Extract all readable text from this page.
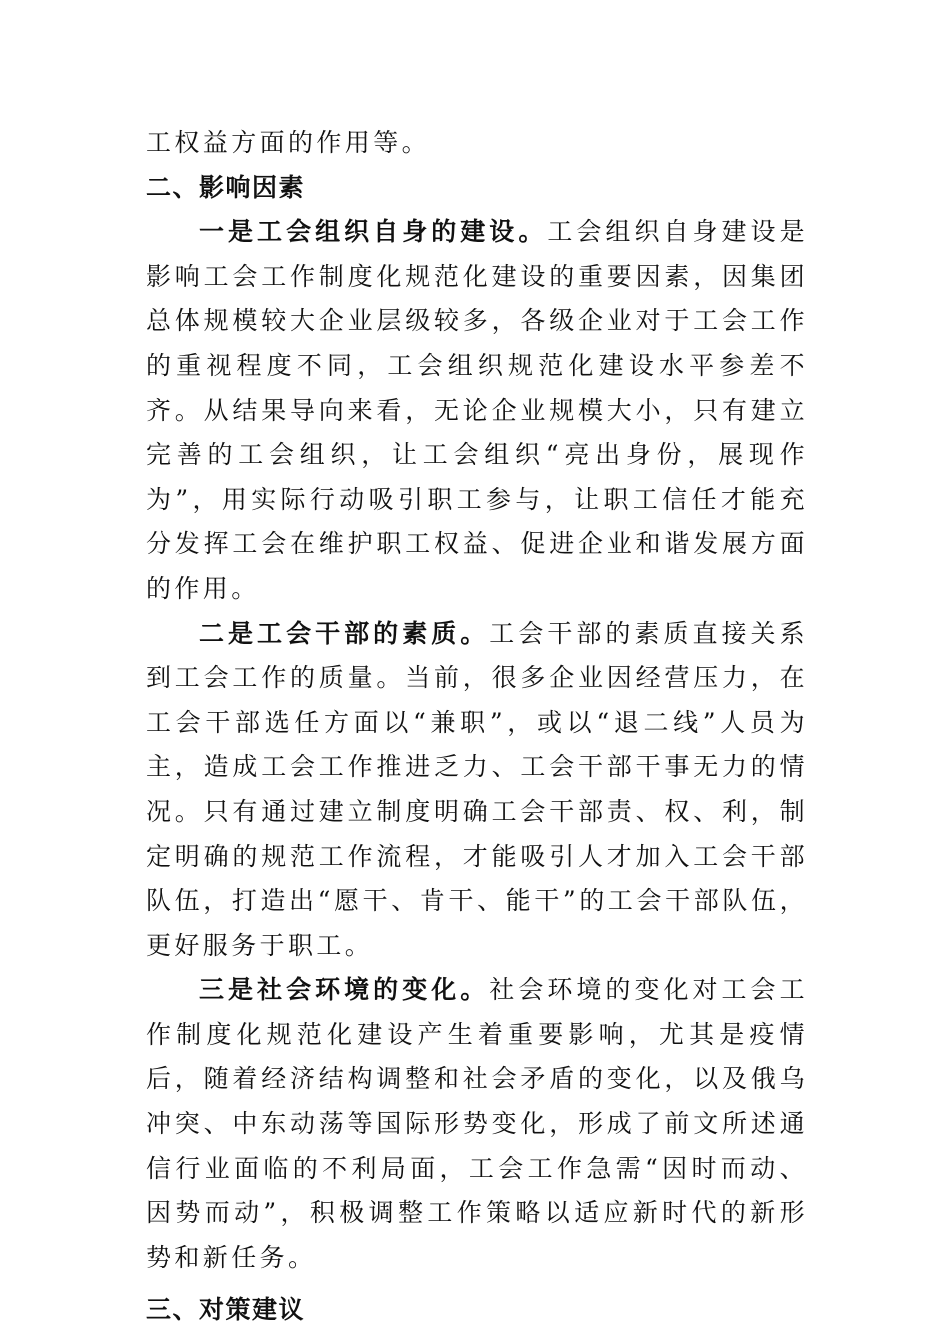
工权益方面的作用等。

二、影响因素

一是工会组织自身的建设。工会组织自身建设是影响工会工作制度化规范化建设的重要因素，因集团总体规模较大企业层级较多，各级企业对于工会工作的重视程度不同，工会组织规范化建设水平参差不齐。从结果导向来看，无论企业规模大小，只有建立完善的工会组织，让工会组织“亮出身份，展现作为”，用实际行动吸引职工参与，让职工信任才能充分发挥工会在维护职工权益、促进企业和谐发展方面的作用。

二是工会干部的素质。工会干部的素质直接关系到工会工作的质量。当前，很多企业因经营压力，在工会干部选任方面以“兼职”，或以“退二线”人员为主，造成工会工作推进乏力、工会干部干事无力的情况。只有通过建立制度明确工会干部责、权、利，制定明确的规范工作流程，才能吸引人才加入工会干部队伍，打造出“愿干、肯干、能干”的工会干部队伍，更好服务于职工。

三是社会环境的变化。社会环境的变化对工会工作制度化规范化建设产生着重要影响，尤其是疫情后，随着经济结构调整和社会矛盾的变化，以及俄乌冲突、中东动荡等国际形势变化，形成了前文所述通信行业面临的不利局面，工会工作急需“因时而动、因势而动”，积极调整工作策略以适应新时代的新形势和新任务。

三、对策建议
